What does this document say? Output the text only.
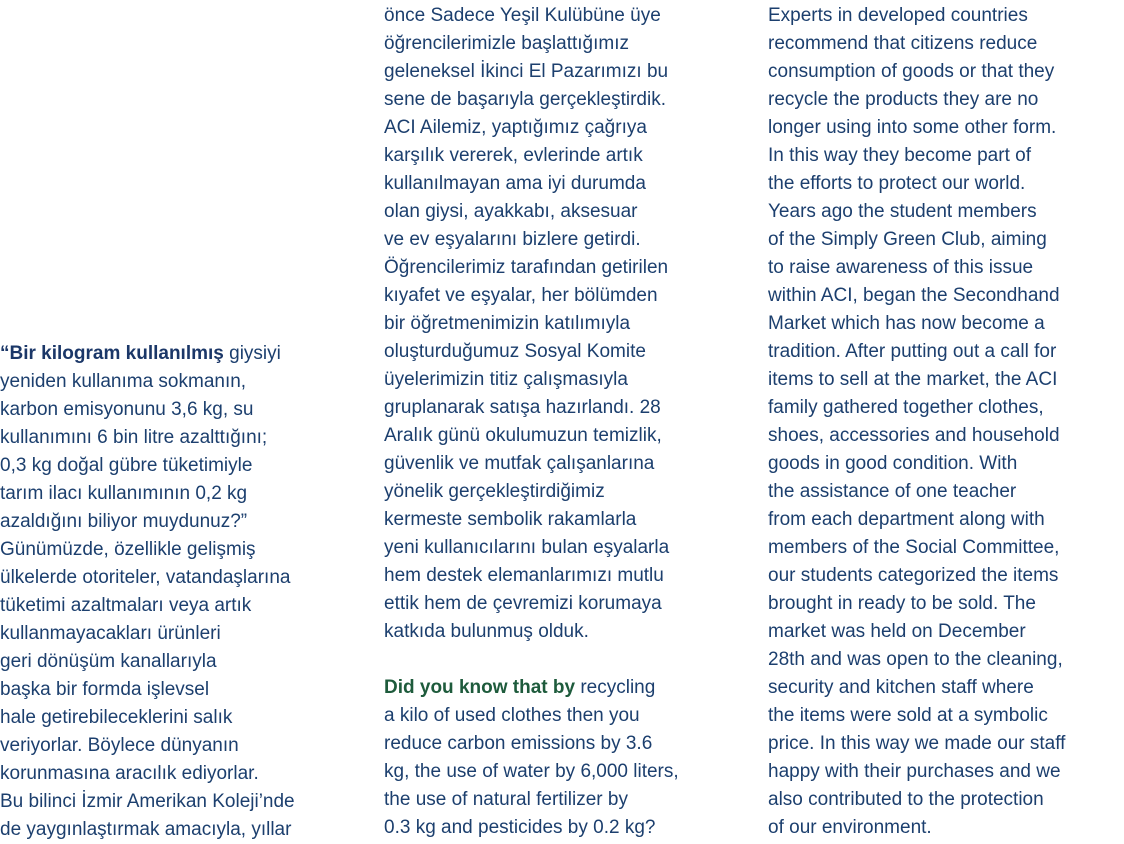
“Bir kilogram kullanılmış giysiyi
yeniden kullanıma sokmanın,
karbon emisyonunu 3,6 kg, su
kullanımını 6 bin litre azalttığını;
0,3 kg doğal gübre tüketimiyle
tarım ilacı kullanımının 0,2 kg
azaldığını biliyor muydunuz?”
Günümüzde, özellikle gelişmiş
ülkelerde otoriteler, vatandaşlarına
tüketimi azaltmaları veya artık
kullanmayacakları ürünleri
geri dönüşüm kanallarıyla
başka bir formda işlevsel
hale getirebileceklerini salık
veriyorlar. Böylece dünyanın
korunmasına aracılık ediyorlar.
Bu bilinci İzmir Amerikan Koleji’nde
de yaygınlaştırmak amacıyla, yıllar
önce Sadece Yeşil Kulübüne üye
öğrencilerimizle başlattığımız
geleneksel İkinci El Pazarımızı bu
sene de başarıyla gerçekleştirdik.
ACI Ailemiz, yaptığımız çağrıya
karşılık vererek, evlerinde artık
kullanılmayan ama iyi durumda
olan giysi, ayakkabı, aksesuar
ve ev eşyalarını bizlere getirdi.
Öğrencilerimiz tarafından getirilen
kıyafet ve eşyalar, her bölümden
bir öğretmenimizin katılımıyla
oluşturduğumuz Sosyal Komite
üyelerimizin titiz çalışmasıyla
gruplanarak satışa hazırlandı. 28
Aralık günü okulumuzun temizlik,
güvenlik ve mutfak çalışanlarına
yönelik gerçekleştirdiğimiz
kermeste sembolik rakamlarla
yeni kullanıcılarını bulan eşyalarla
hem destek elemanlarımızı mutlu
ettik hem de çevremizi korumaya
katkıda bulunmuş olduk.
Did you know that by recycling
a kilo of used clothes then you
reduce carbon emissions by 3.6
kg, the use of water by 6,000 liters,
the use of natural fertilizer by
0.3 kg and pesticides by 0.2 kg?
Experts in developed countries
recommend that citizens reduce
consumption of goods or that they
recycle the products they are no
longer using into some other form.
In this way they become part of
the efforts to protect our world.
Years ago the student members
of the Simply Green Club, aiming
to raise awareness of this issue
within ACI, began the Secondhand
Market which has now become a
tradition. After putting out a call for
items to sell at the market, the ACI
family gathered together clothes,
shoes, accessories and household
goods in good condition. With
the assistance of one teacher
from each department along with
members of the Social Committee,
our students categorized the items
brought in ready to be sold. The
market was held on December
28th and was open to the cleaning,
security and kitchen staff where
the items were sold at a symbolic
price. In this way we made our staff
happy with their purchases and we
also contributed to the protection
of our environment.
